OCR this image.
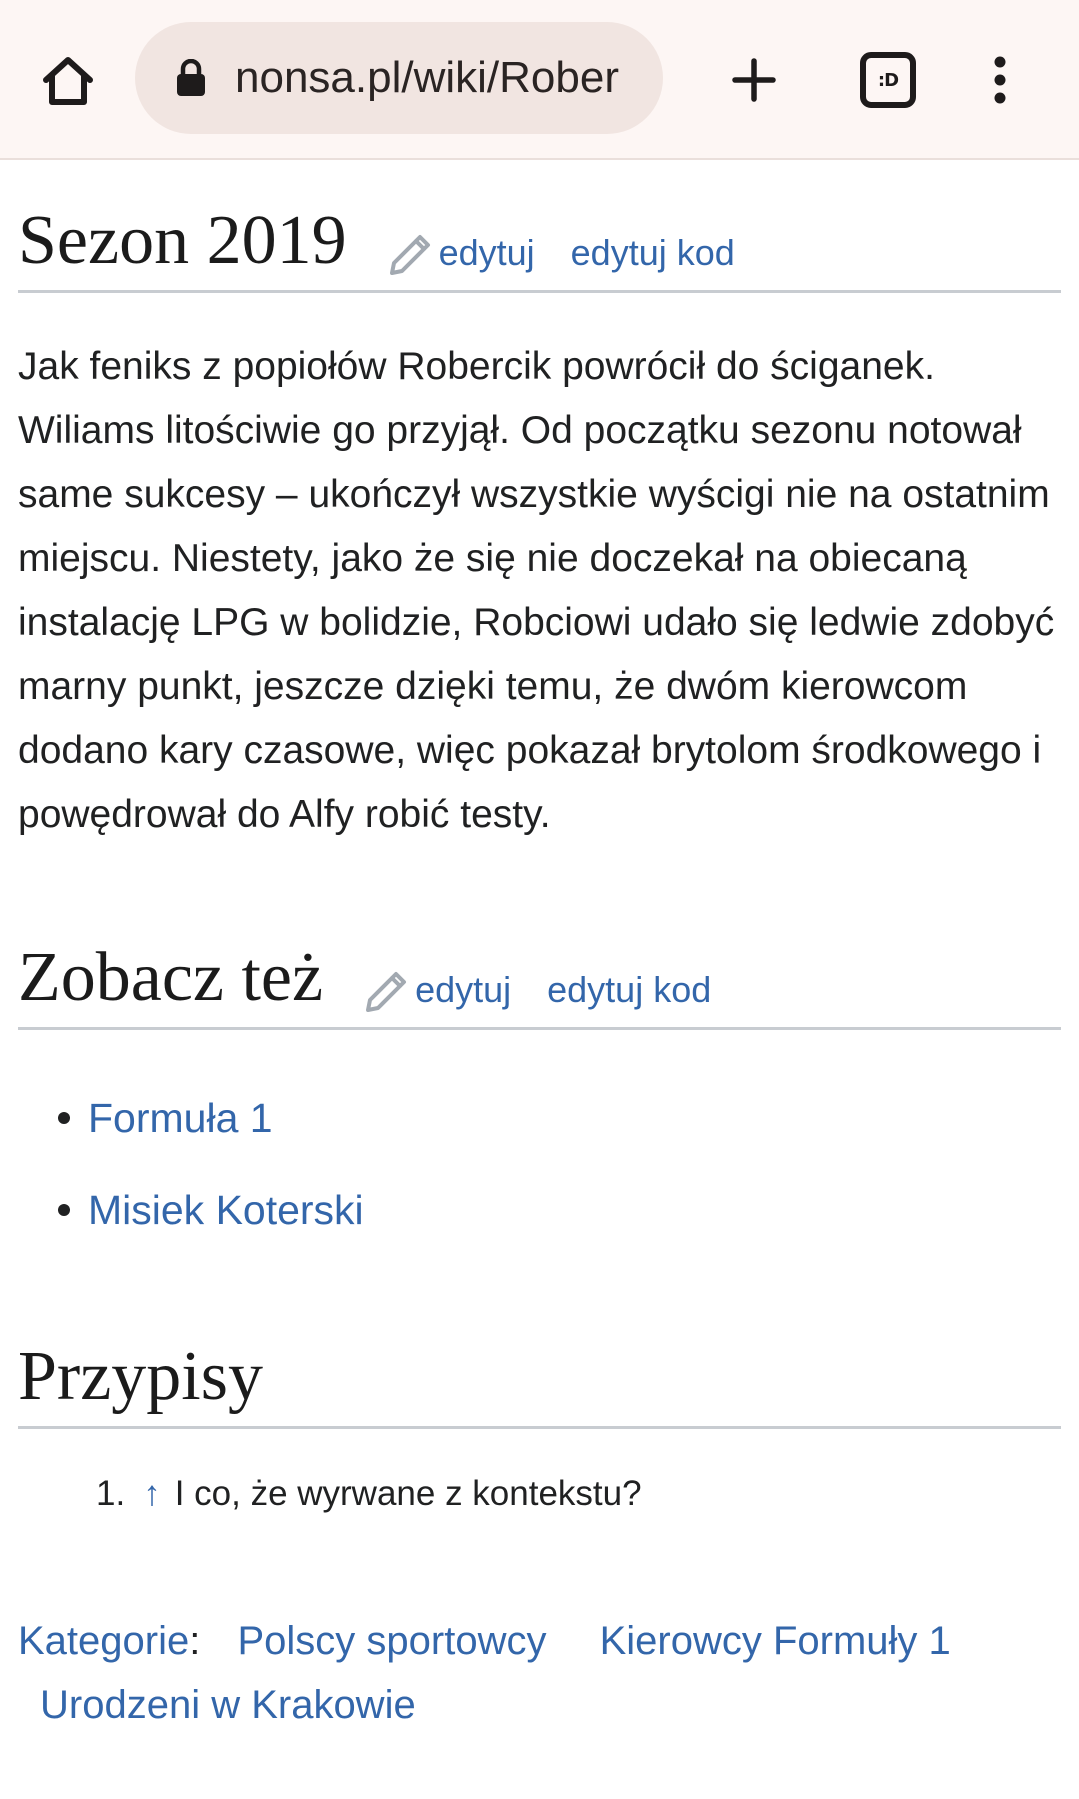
nonsa.pl/wiki/Rober	:D
Sezon 2019	edytuj edytuj kod

Jak feniks z popiołów Robercik powrócił do ściganek. Wiliams litościwie go przyjął. Od początku sezonu notował same sukcesy – ukończył wszystkie wyścigi nie na ostatnim miejscu. Niestety, jako że się nie doczekał na obiecaną instalację LPG w bolidzie, Robciowi udało się ledwie zdobyć marny punkt, jeszcze dzięki temu, że dwóm kierowcom dodano kary czasowe, więc pokazał brytolom środkowego i powędrował do Alfy robić testy.

Zobacz też	edytuj edytuj kod
Formuła 1
Misiek Koterski
Przypisy
1. ↑ I co, że wyrwane z kontekstu?
Kategorie: Polscy sportowcy Kierowcy Formuły 1
Urodzeni w Krakowie
